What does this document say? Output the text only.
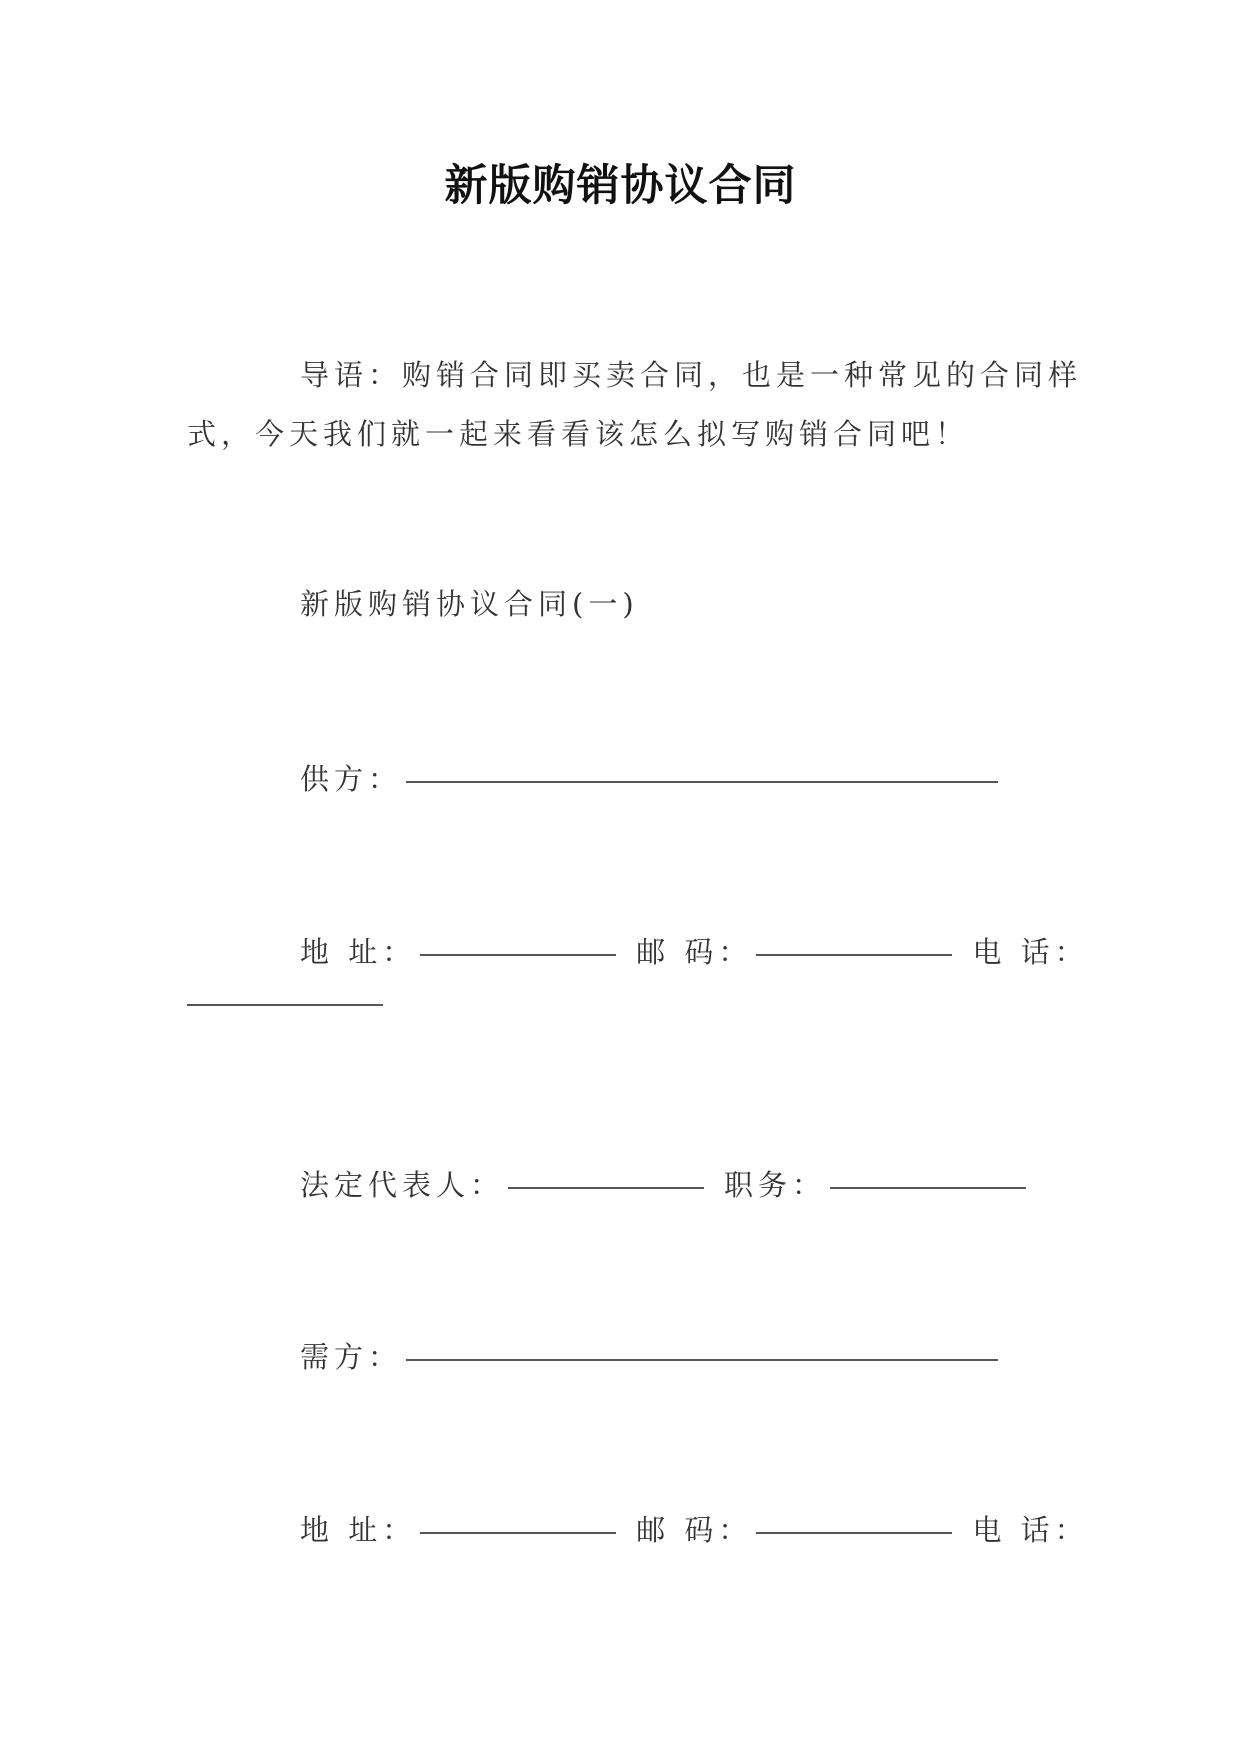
新版购销协议合同
导语：购销合同即买卖合同，也是一种常见的合同样
式，今天我们就一起来看看该怎么拟写购销合同吧！
新版购销协议合同(一)
供方：
地 址：	邮 码：	电 话：
法定代表人：	职务：
需方：
地 址：	邮 码：	电 话：
